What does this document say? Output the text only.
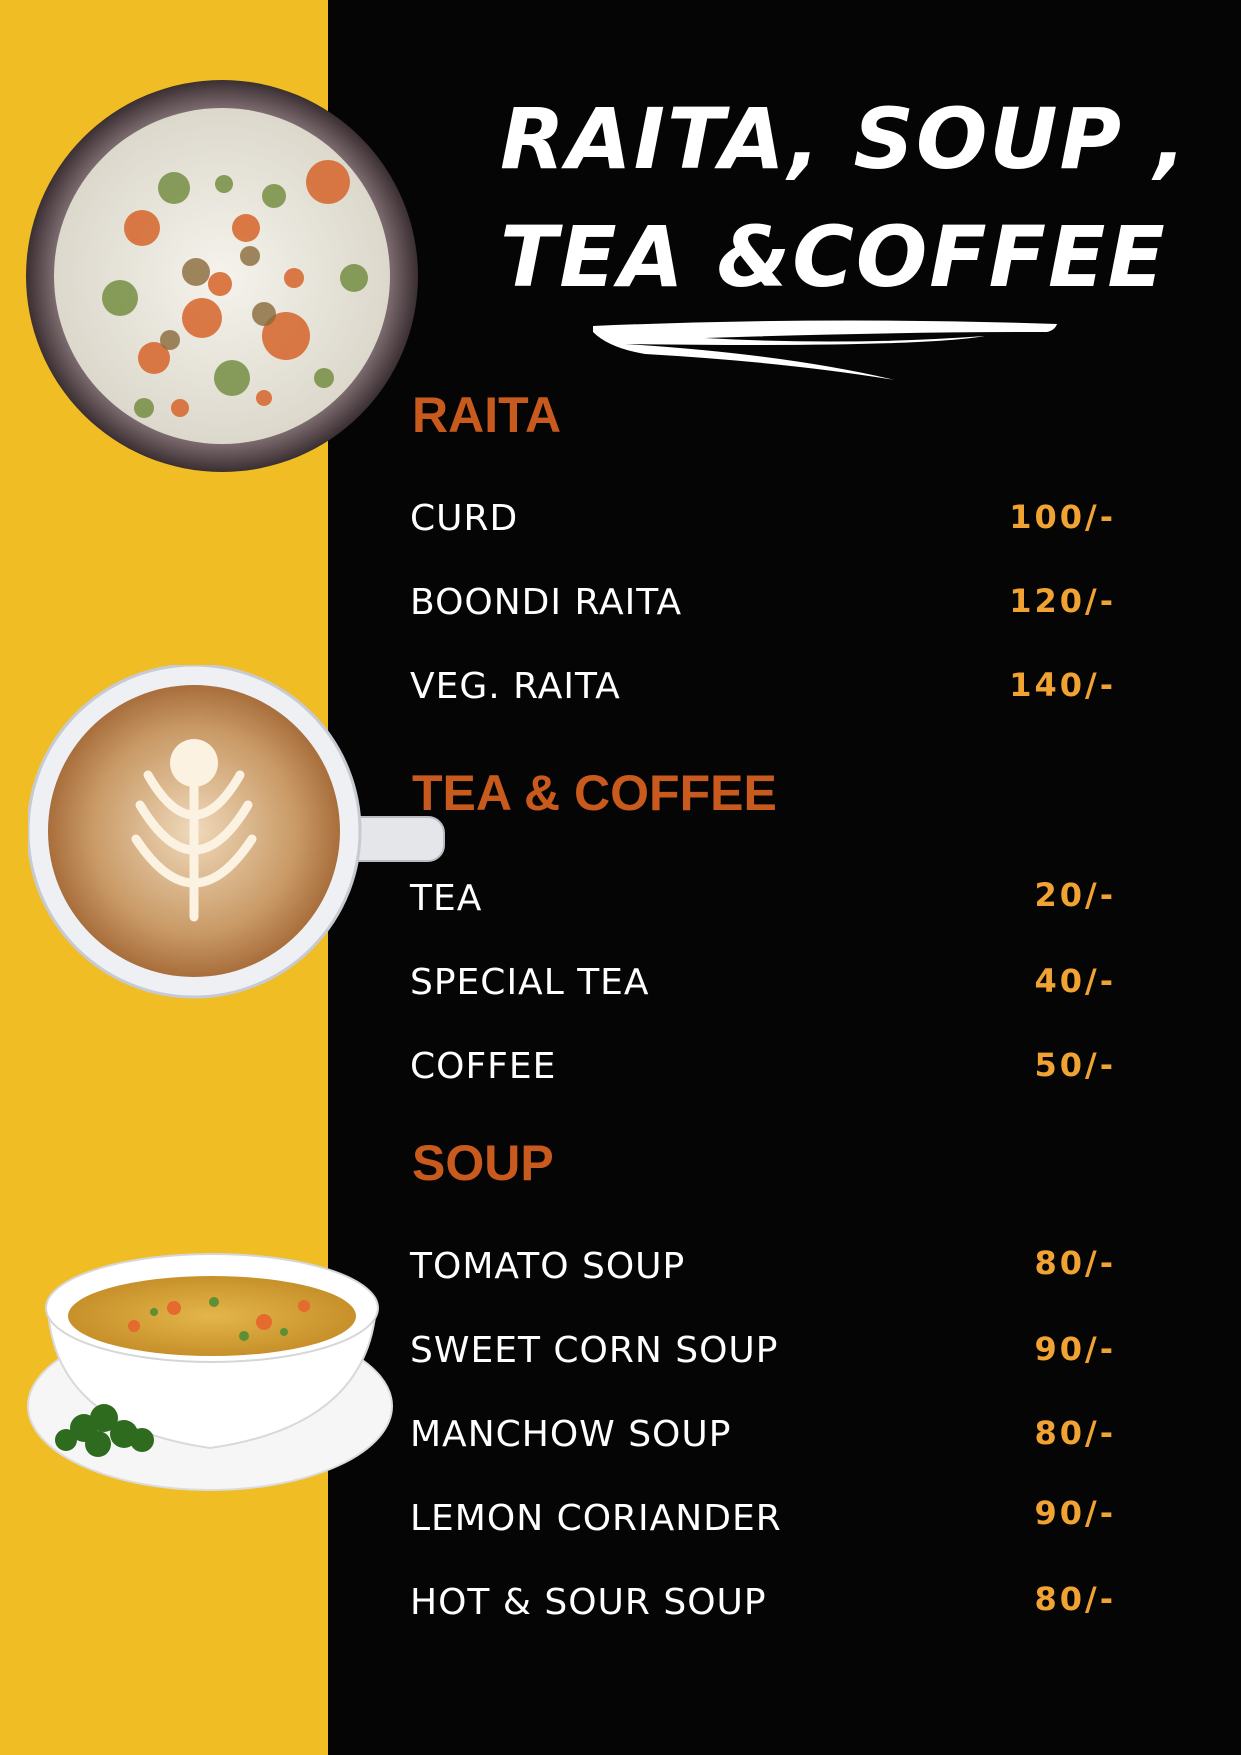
RAITA, SOUP ,
TEA &COFFEE
RAITA
CURD	100/-
BOONDI RAITA	120/-
VEG. RAITA	140/-
TEA & COFFEE
TEA	20/-
SPECIAL TEA	40/-
COFFEE	50/-
SOUP
TOMATO SOUP	80/-
SWEET CORN SOUP	90/-
MANCHOW SOUP	80/-
LEMON CORIANDER	90/-
HOT & SOUR SOUP	80/-
